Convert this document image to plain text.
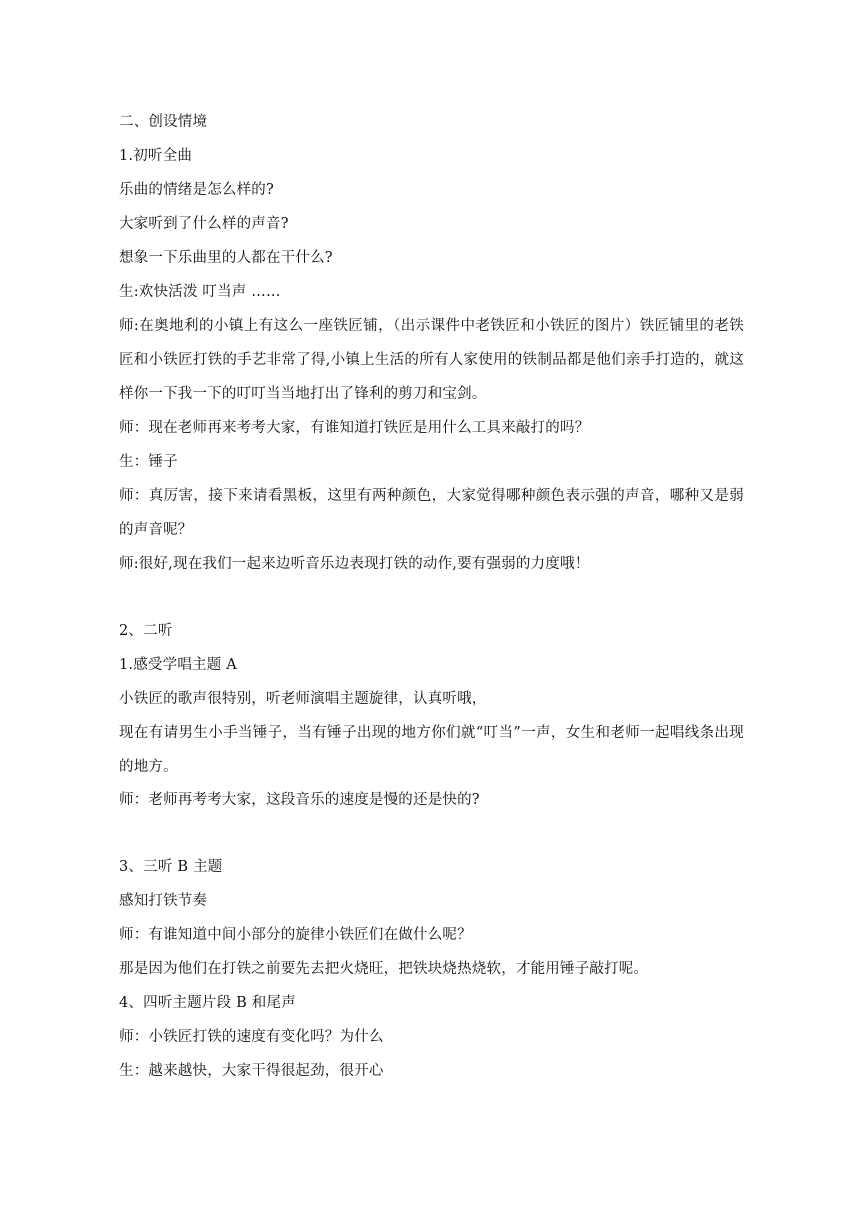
二、创设情境
1.初听全曲
乐曲的情绪是怎么样的?
大家听到了什么样的声音?
想象一下乐曲里的人都在干什么?
生:欢快活泼 叮当声 ……
师:在奥地利的小镇上有这么一座铁匠铺，（出示课件中老铁匠和小铁匠的图片）铁匠铺里的老铁匠和小铁匠打铁的手艺非常了得,小镇上生活的所有人家使用的铁制品都是他们亲手打造的，就这样你一下我一下的叮叮当当地打出了锋利的剪刀和宝剑。
师：现在老师再来考考大家，有谁知道打铁匠是用什么工具来敲打的吗？
生：锤子
师：真厉害，接下来请看黑板，这里有两种颜色，大家觉得哪种颜色表示强的声音，哪种又是弱的声音呢？
师:很好,现在我们一起来边听音乐边表现打铁的动作,要有强弱的力度哦！
2、二听
1.感受学唱主题 A
小铁匠的歌声很特别，听老师演唱主题旋律，认真听哦，
现在有请男生小手当锤子，当有锤子出现的地方你们就“叮当”一声，女生和老师一起唱线条出现的地方。
师：老师再考考大家，这段音乐的速度是慢的还是快的?
3、三听 B 主题
感知打铁节奏
师：有谁知道中间小部分的旋律小铁匠们在做什么呢？
那是因为他们在打铁之前要先去把火烧旺，把铁块烧热烧软，才能用锤子敲打呢。
4、四听主题片段 B 和尾声
师：小铁匠打铁的速度有变化吗？为什么
生：越来越快，大家干得很起劲，很开心
